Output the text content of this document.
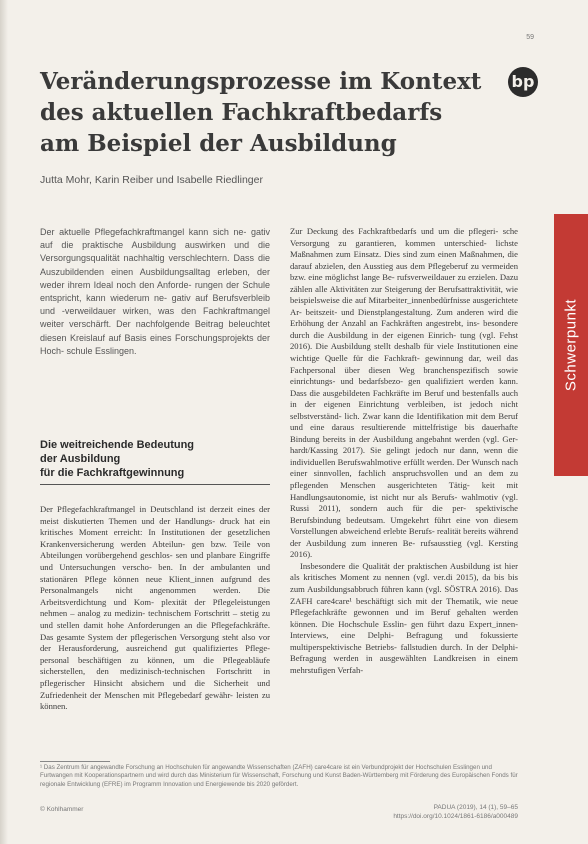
59
Veränderungsprozesse im Kontext
des aktuellen Fachkraftbedarfs
am Beispiel der Ausbildung
bp
Jutta Mohr, Karin Reiber und Isabelle Riedlinger

Der aktuelle Pflegefachkraftmangel kann sich ne- gativ auf die praktische Ausbildung auswirken und die Versorgungsqualität nachhaltig verschlechtern. Dass die Auszubildenden einen Ausbildungsalltag erleben, der weder ihrem Ideal noch den Anforde- rungen der Schule entspricht, kann wiederum ne- gativ auf Berufsverbleib und -verweildauer wirken, was den Fachkraftmangel weiter verschärft. Der nachfolgende Beitrag beleuchtet diesen Kreislauf auf Basis eines Forschungsprojekts der Hoch- schule Esslingen.

Die weitreichende Bedeutung
der Ausbildung
für die Fachkraftgewinnung

Der Pflegefachkraftmangel in Deutschland ist derzeit eines der meist diskutierten Themen und der Handlungs- druck hat ein kritisches Moment erreicht: In Institutionen der gesetzlichen Krankenversicherung werden Abteilun- gen bzw. Teile von Abteilungen vorübergehend geschlos- sen und planbare Eingriffe und Untersuchungen verscho- ben. In der ambulanten und stationären Pflege können neue Klient_innen aufgrund des Personalmangels nicht angenommen werden. Die Arbeitsverdichtung und Kom- plexität der Pflegeleistungen nehmen – analog zu medizin- technischem Fortschritt – stetig zu und stellen damit hohe Anforderungen an die Pflegefachkräfte. Das gesamte System der pflegerischen Versorgung steht also vor der Herausforderung, ausreichend gut qualifiziertes Pflege- personal beschäftigen zu können, um die Pflegeabläufe sicherstellen, den medizinisch-technischen Fortschritt in pflegerischer Hinsicht absichern und die Sicherheit und Zufriedenheit der Menschen mit Pflegebedarf gewähr- leisten zu können.

Zur Deckung des Fachkraftbedarfs und um die pflegeri- sche Versorgung zu garantieren, kommen unterschied- lichste Maßnahmen zum Einsatz. Dies sind zum einen Maßnahmen, die darauf abzielen, den Ausstieg aus dem Pflegeberuf zu vermeiden bzw. eine möglichst lange Be- rufsverweildauer zu erzielen. Dazu zählen alle Aktivitäten zur Steigerung der Berufsattraktivität, wie beispielsweise die auf Mitarbeiter_innenbedürfnisse ausgerichtete Ar- beitszeit- und Dienstplangestaltung. Zum anderen wird die Erhöhung der Anzahl an Fachkräften angestrebt, ins- besondere durch die Ausbildung in der eigenen Einrich- tung (vgl. Fehst 2016). Die Ausbildung stellt deshalb für viele Institutionen eine wichtige Quelle für die Fachkraft- gewinnung dar, weil das Fachpersonal über diesen Weg branchenspezifisch sowie einrichtungs- und bedarfsbezo- gen qualifiziert werden kann. Dass die ausgebildeten Fachkräfte im Beruf und bestenfalls auch in der eigenen Einrichtung verbleiben, ist jedoch nicht selbstverständ- lich. Zwar kann die Identifikation mit dem Beruf und eine daraus resultierende mittelfristige bis dauerhafte Bindung bereits in der Ausbildung angebahnt werden (vgl. Ger- hardt/Kassing 2017). Sie gelingt jedoch nur dann, wenn die individuellen Berufswahlmotive erfüllt werden. Der Wunsch nach einer sinnvollen, fachlich anspruchsvollen und an dem zu pflegenden Menschen ausgerichteten Tätig- keit mit Handlungsautonomie, ist nicht nur als Berufs- wahlmotiv (vgl. Russi 2011), sondern auch für die per- spektivische Berufsbindung bedeutsam. Umgekehrt führt eine von diesem Vorstellungen abweichend erlebte Berufs- realität bereits während der Ausbildung zum inneren Be- rufsausstieg (vgl. Kersting 2016).

Insbesondere die Qualität der praktischen Ausbildung ist hier als kritisches Moment zu nennen (vgl. ver.di 2015), da bis bis zum Ausbildungsabbruch führen kann (vgl. SÖSTRA 2016). Das ZAFH care4care¹ beschäftigt sich mit der Thematik, wie neue Pflegefachkräfte gewonnen und im Beruf gehalten werden können. Die Hochschule Esslin- gen führt dazu Expert_innen-Interviews, eine Delphi- Befragung und fokussierte multiperspektivische Betriebs- fallstudien durch. In der Delphi-Befragung werden in ausgewählten Landkreisen in einem mehrstufigen Verfah-

Schwerpunkt

¹ Das Zentrum für angewandte Forschung an Hochschulen für angewandte Wissenschaften (ZAFH) care4care ist ein Verbundprojekt der Hochschulen Esslingen und Furtwangen mit Kooperationspartnern und wird durch das Ministerium für Wissenschaft, Forschung und Kunst Baden-Württemberg mit Förderung des Europäischen Fonds für regionale Entwicklung (EFRE) im Programm Innovation und Energiewende bis 2020 gefördert.

© Kohlhammer	PADUA (2019), 14 (1), 59–65
https://doi.org/10.1024/1861-6186/a000489
